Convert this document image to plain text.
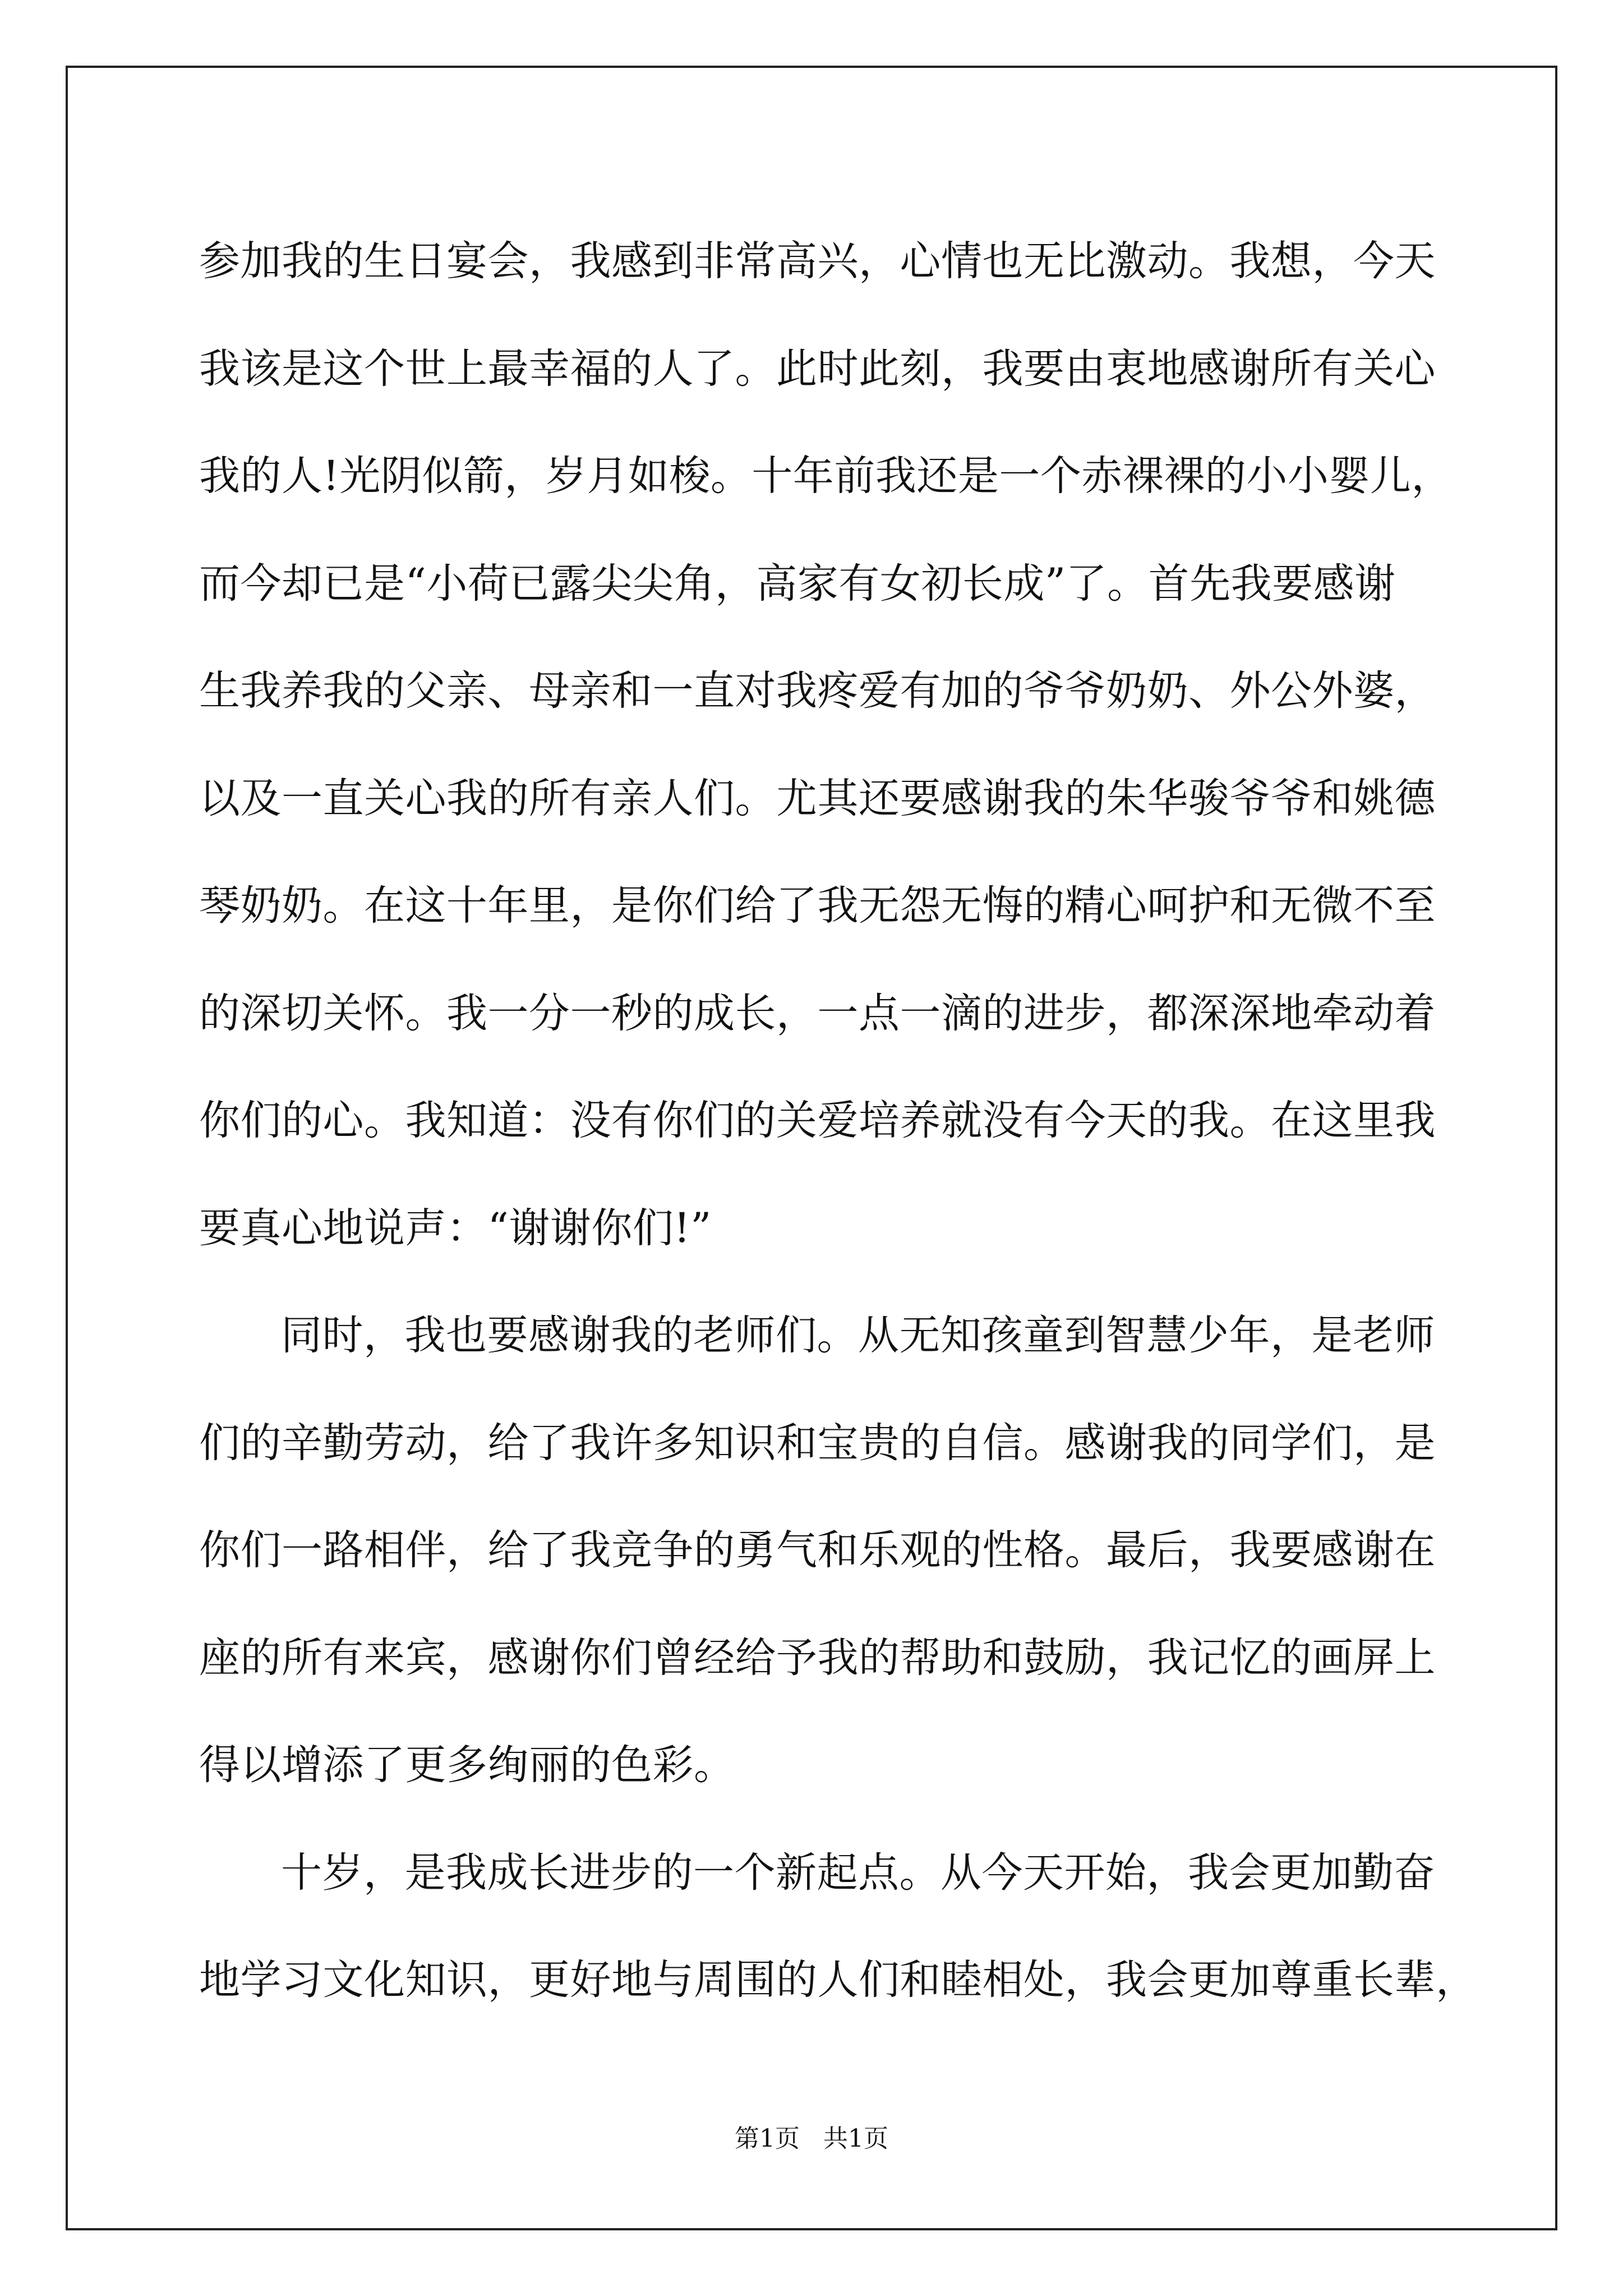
参加我的生日宴会，我感到非常高兴，心情也无比激动。我想，今天
我该是这个世上最幸福的人了。此时此刻，我要由衷地感谢所有关心
我的人!光阴似箭，岁月如梭。十年前我还是一个赤裸裸的小小婴儿，
而今却已是“小荷已露尖尖角，高家有女初长成”了。首先我要感谢
生我养我的父亲、母亲和一直对我疼爱有加的爷爷奶奶、外公外婆，
以及一直关心我的所有亲人们。尤其还要感谢我的朱华骏爷爷和姚德
琴奶奶。在这十年里，是你们给了我无怨无悔的精心呵护和无微不至
的深切关怀。我一分一秒的成长，一点一滴的进步，都深深地牵动着
你们的心。我知道：没有你们的关爱培养就没有今天的我。在这里我
要真心地说声：“谢谢你们!”
同时，我也要感谢我的老师们。从无知孩童到智慧少年，是老师
们的辛勤劳动，给了我许多知识和宝贵的自信。感谢我的同学们，是
你们一路相伴，给了我竞争的勇气和乐观的性格。最后，我要感谢在
座的所有来宾，感谢你们曾经给予我的帮助和鼓励，我记忆的画屏上
得以增添了更多绚丽的色彩。
十岁，是我成长进步的一个新起点。从今天开始，我会更加勤奋
地学习文化知识，更好地与周围的人们和睦相处，我会更加尊重长辈，
第1页   共1页
